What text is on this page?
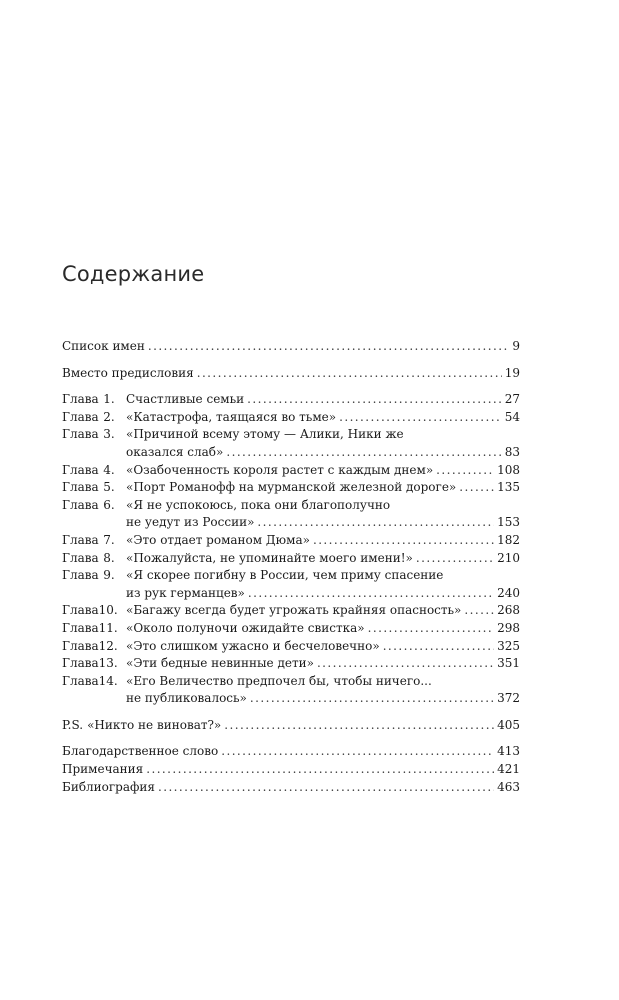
Содержание
Список имен . . .	9
Вместо предисловия . . .	19
Глава 1. Счастливые семьи . . .	27
Глава 2. «Катастрофа, таящаяся во тьме» . . .	54
Глава 3. «Причиной всему этому — Алики, Ники же
оказался слаб» . . .	83
Глава 4. «Озабоченность короля растет с каждым днем» . . .	108
Глава 5. «Порт Романофф на мурманской железной дороге» . . .	135
Глава 6. «Я не успокоюсь, пока они благополучно
не уедут из России» . . .	153
Глава 7. «Это отдает романом Дюма» . . .	182
Глава 8. «Пожалуйста, не упоминайте моего имени!» . . .	210
Глава 9. «Я скорее погибну в России, чем приму спасение
из рук германцев» . . .	240
Глава10. «Багажу всегда будет угрожать крайняя опасность» . . .	268
Глава11. «Около полуночи ожидайте свистка» . . .	298
Глава12. «Это слишком ужасно и бесчеловечно» . . .	325
Глава13. «Эти бедные невинные дети» . . .	351
Глава14. «Его Величество предпочел бы, чтобы ничего...
не публиковалось» . . .	372
P.S. «Никто не виноват?» . . .	405
Благодарственное слово . . .	413
Примечания . . .	421
Библиография . . .	463
